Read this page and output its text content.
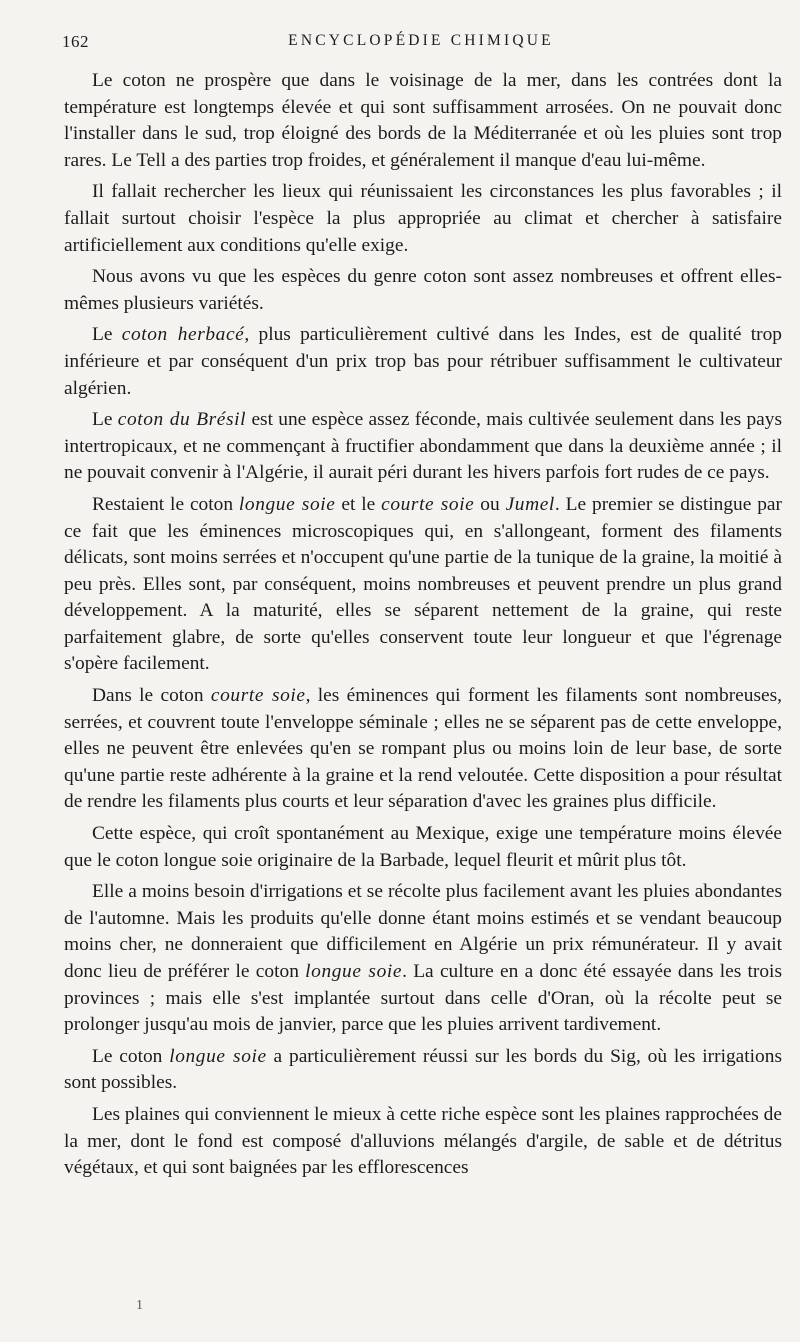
162	ENCYCLOPÉDIE CHIMIQUE

Le coton ne prospère que dans le voisinage de la mer, dans les contrées dont la température est longtemps élevée et qui sont suffisamment arrosées. On ne pouvait donc l'installer dans le sud, trop éloigné des bords de la Méditerranée et où les pluies sont trop rares. Le Tell a des parties trop froides, et généralement il manque d'eau lui-même.

Il fallait rechercher les lieux qui réunissaient les circonstances les plus favorables ; il fallait surtout choisir l'espèce la plus appropriée au climat et chercher à satisfaire artificiellement aux conditions qu'elle exige.

Nous avons vu que les espèces du genre coton sont assez nombreuses et offrent elles-mêmes plusieurs variétés.

Le coton herbacé, plus particulièrement cultivé dans les Indes, est de qualité trop inférieure et par conséquent d'un prix trop bas pour rétribuer suffisamment le cultivateur algérien.

Le coton du Brésil est une espèce assez féconde, mais cultivée seulement dans les pays intertropicaux, et ne commençant à fructifier abondamment que dans la deuxième année ; il ne pouvait convenir à l'Algérie, il aurait péri durant les hivers parfois fort rudes de ce pays.

Restaient le coton longue soie et le courte soie ou Jumel. Le premier se distingue par ce fait que les éminences microscopiques qui, en s'allongeant, forment des filaments délicats, sont moins serrées et n'occupent qu'une partie de la tunique de la graine, la moitié à peu près. Elles sont, par conséquent, moins nombreuses et peuvent prendre un plus grand développement. A la maturité, elles se séparent nettement de la graine, qui reste parfaitement glabre, de sorte qu'elles conservent toute leur longueur et que l'égrenage s'opère facilement.

Dans le coton courte soie, les éminences qui forment les filaments sont nombreuses, serrées, et couvrent toute l'enveloppe séminale ; elles ne se séparent pas de cette enveloppe, elles ne peuvent être enlevées qu'en se rompant plus ou moins loin de leur base, de sorte qu'une partie reste adhérente à la graine et la rend veloutée. Cette disposition a pour résultat de rendre les filaments plus courts et leur séparation d'avec les graines plus difficile.

Cette espèce, qui croît spontanément au Mexique, exige une température moins élevée que le coton longue soie originaire de la Barbade, lequel fleurit et mûrit plus tôt.

Elle a moins besoin d'irrigations et se récolte plus facilement avant les pluies abondantes de l'automne. Mais les produits qu'elle donne étant moins estimés et se vendant beaucoup moins cher, ne donneraient que difficilement en Algérie un prix rémunérateur. Il y avait donc lieu de préférer le coton longue soie. La culture en a donc été essayée dans les trois provinces ; mais elle s'est implantée surtout dans celle d'Oran, où la récolte peut se prolonger jusqu'au mois de janvier, parce que les pluies arrivent tardivement.

Le coton longue soie a particulièrement réussi sur les bords du Sig, où les irrigations sont possibles.

Les plaines qui conviennent le mieux à cette riche espèce sont les plaines rapprochées de la mer, dont le fond est composé d'alluvions mélangés d'argile, de sable et de détritus végétaux, et qui sont baignées par les efflorescences

1
